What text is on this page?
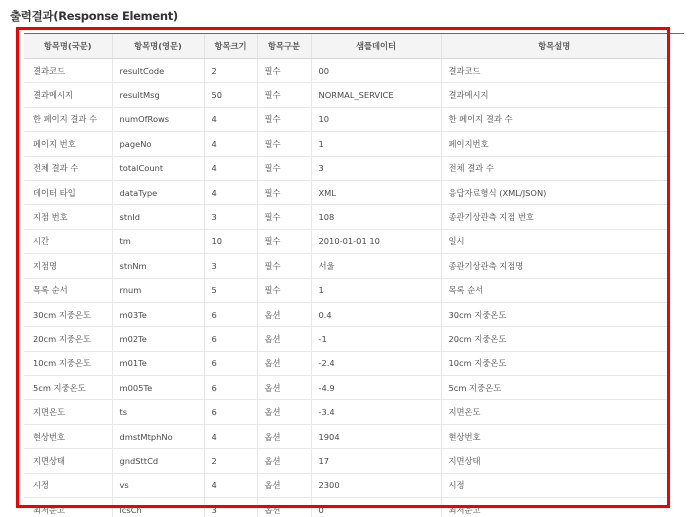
출력결과(Response Element)
항목명(국문)	항목명(영문)	항목크기	항목구분	샘플데이터	항목설명
결과코드	resultCode	2	필수	00	결과코드
결과메시지	resultMsg	50	필수	NORMAL_SERVICE	결과메시지
한 페이지 결과 수	numOfRows	4	필수	10	한 페이지 결과 수
페이지 번호	pageNo	4	필수	1	페이지번호
전체 결과 수	totalCount	4	필수	3	전체 결과 수
데이터 타입	dataType	4	필수	XML	응답자료형식 (XML/JSON)
지점 번호	stnId	3	필수	108	종관기상관측 지점 번호
시간	tm	10	필수	2010-01-01 10	일시
지점명	stnNm	3	필수	서울	종관기상관측 지점명
목록 순서	rnum	5	필수	1	목록 순서
30cm 지중온도	m03Te	6	옵션	0.4	30cm 지중온도
20cm 지중온도	m02Te	6	옵션	-1	20cm 지중온도
10cm 지중온도	m01Te	6	옵션	-2.4	10cm 지중온도
5cm 지중온도	m005Te	6	옵션	-4.9	5cm 지중온도
지면온도	ts	6	옵션	-3.4	지면온도
현상번호	dmstMtphNo	4	옵션	1904	현상번호
지면상태	gndSttCd	2	옵션	17	지면상태
시정	vs	4	옵션	2300	시정
최저운고	lcsCh	3	옵션	0	최저운고
